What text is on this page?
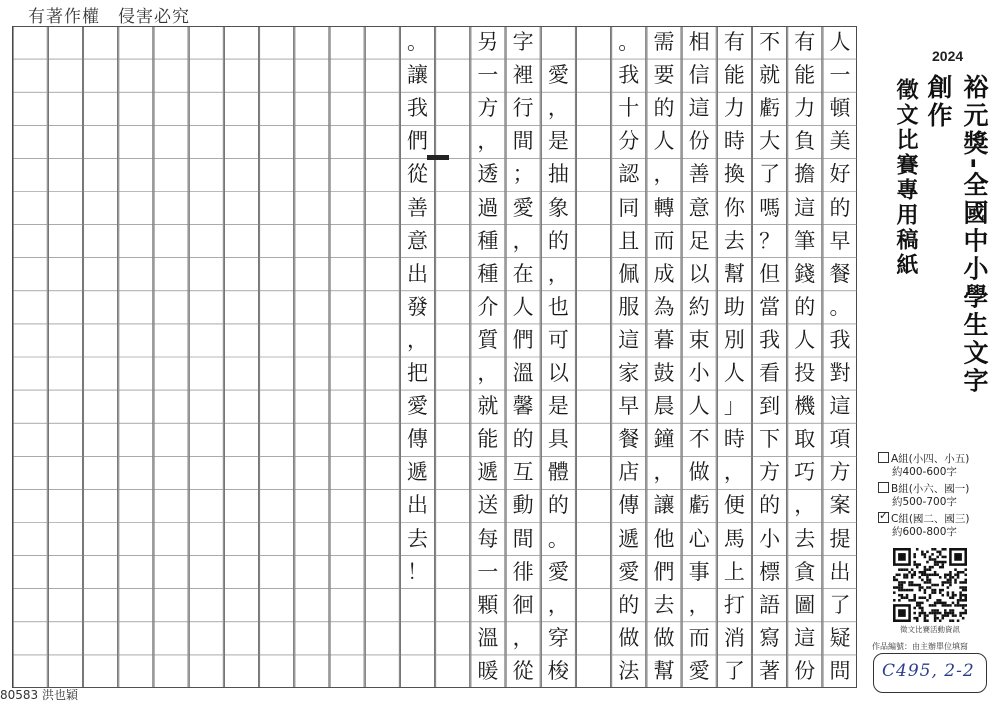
有著作權　侵害必究
人
一
頓
美
好
的
早
餐
。
我
對
這
項
方
案
提
出
了
疑
問
有
能
力
負
擔
這
筆
錢
的
人
投
機
取
巧
，
去
貪
圖
這
份
不
就
虧
大
了
嗎
？
但
當
我
看
到
下
方
的
小
標
語
寫
著
有
能
力
時
換
你
去
幫
助
別
人
」
時
，
便
馬
上
打
消
了
相
信
這
份
善
意
足
以
約
束
小
人
不
做
虧
心
事
，
而
愛
需
要
的
人
，
轉
而
成
為
暮
鼓
晨
鐘
，
讓
他
們
去
做
幫
。
我
十
分
認
同
且
佩
服
這
家
早
餐
店
傳
遞
愛
的
做
法

愛
，
是
抽
象
的
，
也
可
以
是
具
體
的
。
愛
，
穿
梭
字
裡
行
間
；
愛
，
在
人
們
溫
馨
的
互
動
間
徘
徊
，
從
另
一
方
，
透
過
種
種
介
質
，
就
能
遞
送
每
一
顆
溫
暖
。
讓
我
們
從
善
意
出
發
，
把
愛
傳
遞
出
去
！
2024
裕元獎-全國中小學生文字創作
徵文比賽專用稿紙
A組(小四、小五)
約400-600字
B組(小六、國一)
約500-700字
✓ C組(國二、國三)
約600-800字
徵文比賽活動資訊
作品編號：由主辦單位填寫
C495, 2-2
80583 洪也穎
